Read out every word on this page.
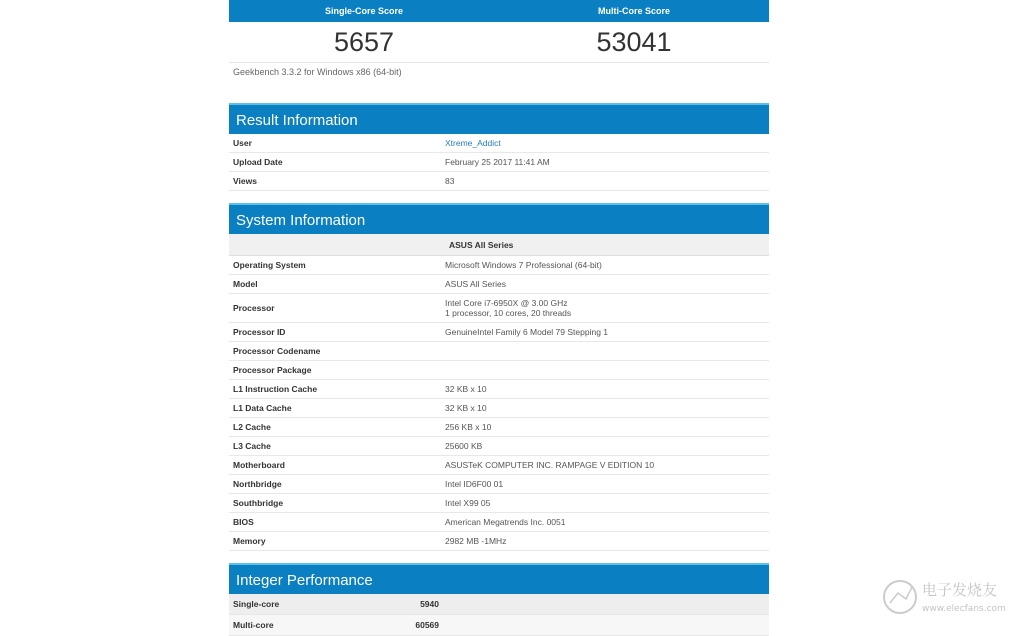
Single-Core Score	Multi-Core Score
5657	53041
Geekbench 3.3.2 for Windows x86 (64-bit)
Result Information
User	Xtreme_Addict
Upload Date	February 25 2017 11:41 AM
Views	83
System Information
ASUS All Series
Operating System	Microsoft Windows 7 Professional (64-bit)
Model	ASUS All Series
Processor	Intel Core i7-6950X @ 3.00 GHz
1 processor, 10 cores, 20 threads
Processor ID	GenuineIntel Family 6 Model 79 Stepping 1
Processor Codename
Processor Package
L1 Instruction Cache	32 KB x 10
L1 Data Cache	32 KB x 10
L2 Cache	256 KB x 10
L3 Cache	25600 KB
Motherboard	ASUSTeK COMPUTER INC. RAMPAGE V EDITION 10
Northbridge	Intel ID6F00 01
Southbridge	Intel X99 05
BIOS	American Megatrends Inc. 0051
Memory	2982 MB -1MHz
Integer Performance
Single-core	5940
Multi-core	60569
电子发烧友
www.elecfans.com
